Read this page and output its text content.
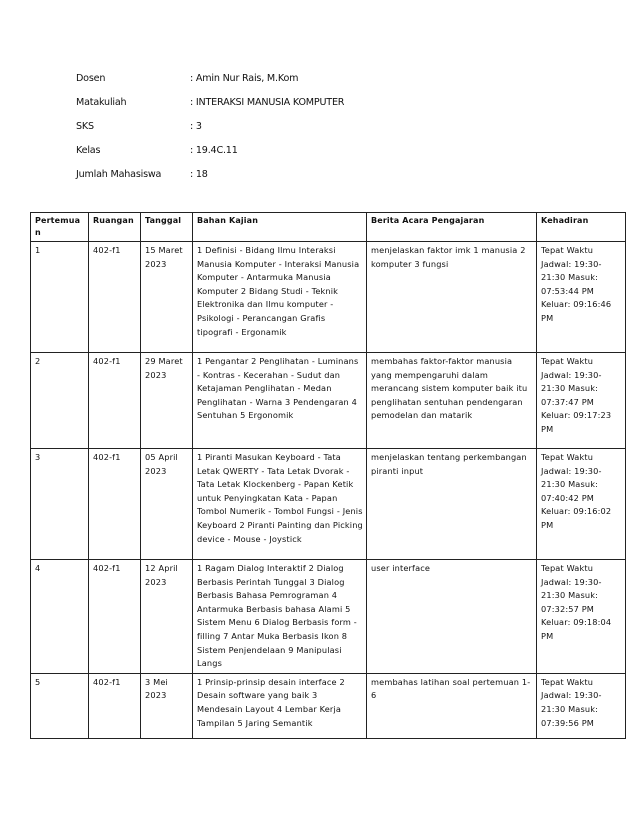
Dosen	: Amin Nur Rais, M.Kom
Matakuliah	: INTERAKSI MANUSIA KOMPUTER
SKS	: 3
Kelas	: 19.4C.11
Jumlah Mahasiswa	: 18
Pertemuan	Ruangan	Tanggal	Bahan Kajian	Berita Acara Pengajaran	Kehadiran
1	402-f1	15 Maret 2023	1 Definisi - Bidang Ilmu Interaksi Manusia Komputer - Interaksi Manusia Komputer - Antarmuka Manusia Komputer 2 Bidang Studi - Teknik Elektronika dan Ilmu komputer - Psikologi - Perancangan Grafis tipografi - Ergonamik	menjelaskan faktor imk 1 manusia 2 komputer 3 fungsi	Tepat Waktu Jadwal: 19:30-21:30 Masuk: 07:53:44 PM Keluar: 09:16:46 PM
2	402-f1	29 Maret 2023	1 Pengantar 2 Penglihatan - Luminans - Kontras - Kecerahan - Sudut dan Ketajaman Penglihatan - Medan Penglihatan - Warna 3 Pendengaran 4 Sentuhan 5 Ergonomik	membahas faktor-faktor manusia yang mempengaruhi dalam merancang sistem komputer baik itu penglihatan sentuhan pendengaran pemodelan dan matarik	Tepat Waktu Jadwal: 19:30-21:30 Masuk: 07:37:47 PM Keluar: 09:17:23 PM
3	402-f1	05 April 2023	1 Piranti Masukan Keyboard - Tata Letak QWERTY - Tata Letak Dvorak - Tata Letak Klockenberg - Papan Ketik untuk Penyingkatan Kata - Papan Tombol Numerik - Tombol Fungsi - Jenis Keyboard 2 Piranti Painting dan Picking device - Mouse - Joystick	menjelaskan tentang perkembangan piranti input	Tepat Waktu Jadwal: 19:30-21:30 Masuk: 07:40:42 PM Keluar: 09:16:02 PM
4	402-f1	12 April 2023	1 Ragam Dialog Interaktif 2 Dialog Berbasis Perintah Tunggal 3 Dialog Berbasis Bahasa Pemrograman 4 Antarmuka Berbasis bahasa Alami 5 Sistem Menu 6 Dialog Berbasis form - filling 7 Antar Muka Berbasis Ikon 8 Sistem Penjendelaan 9 Manipulasi Langs	user interface	Tepat Waktu Jadwal: 19:30-21:30 Masuk: 07:32:57 PM Keluar: 09:18:04 PM
5	402-f1	3 Mei 2023	1 Prinsip-prinsip desain interface 2 Desain software yang baik 3 Mendesain Layout 4 Lembar Kerja Tampilan 5 Jaring Semantik	membahas latihan soal pertemuan 1-6	Tepat Waktu Jadwal: 19:30-21:30 Masuk: 07:39:56 PM
